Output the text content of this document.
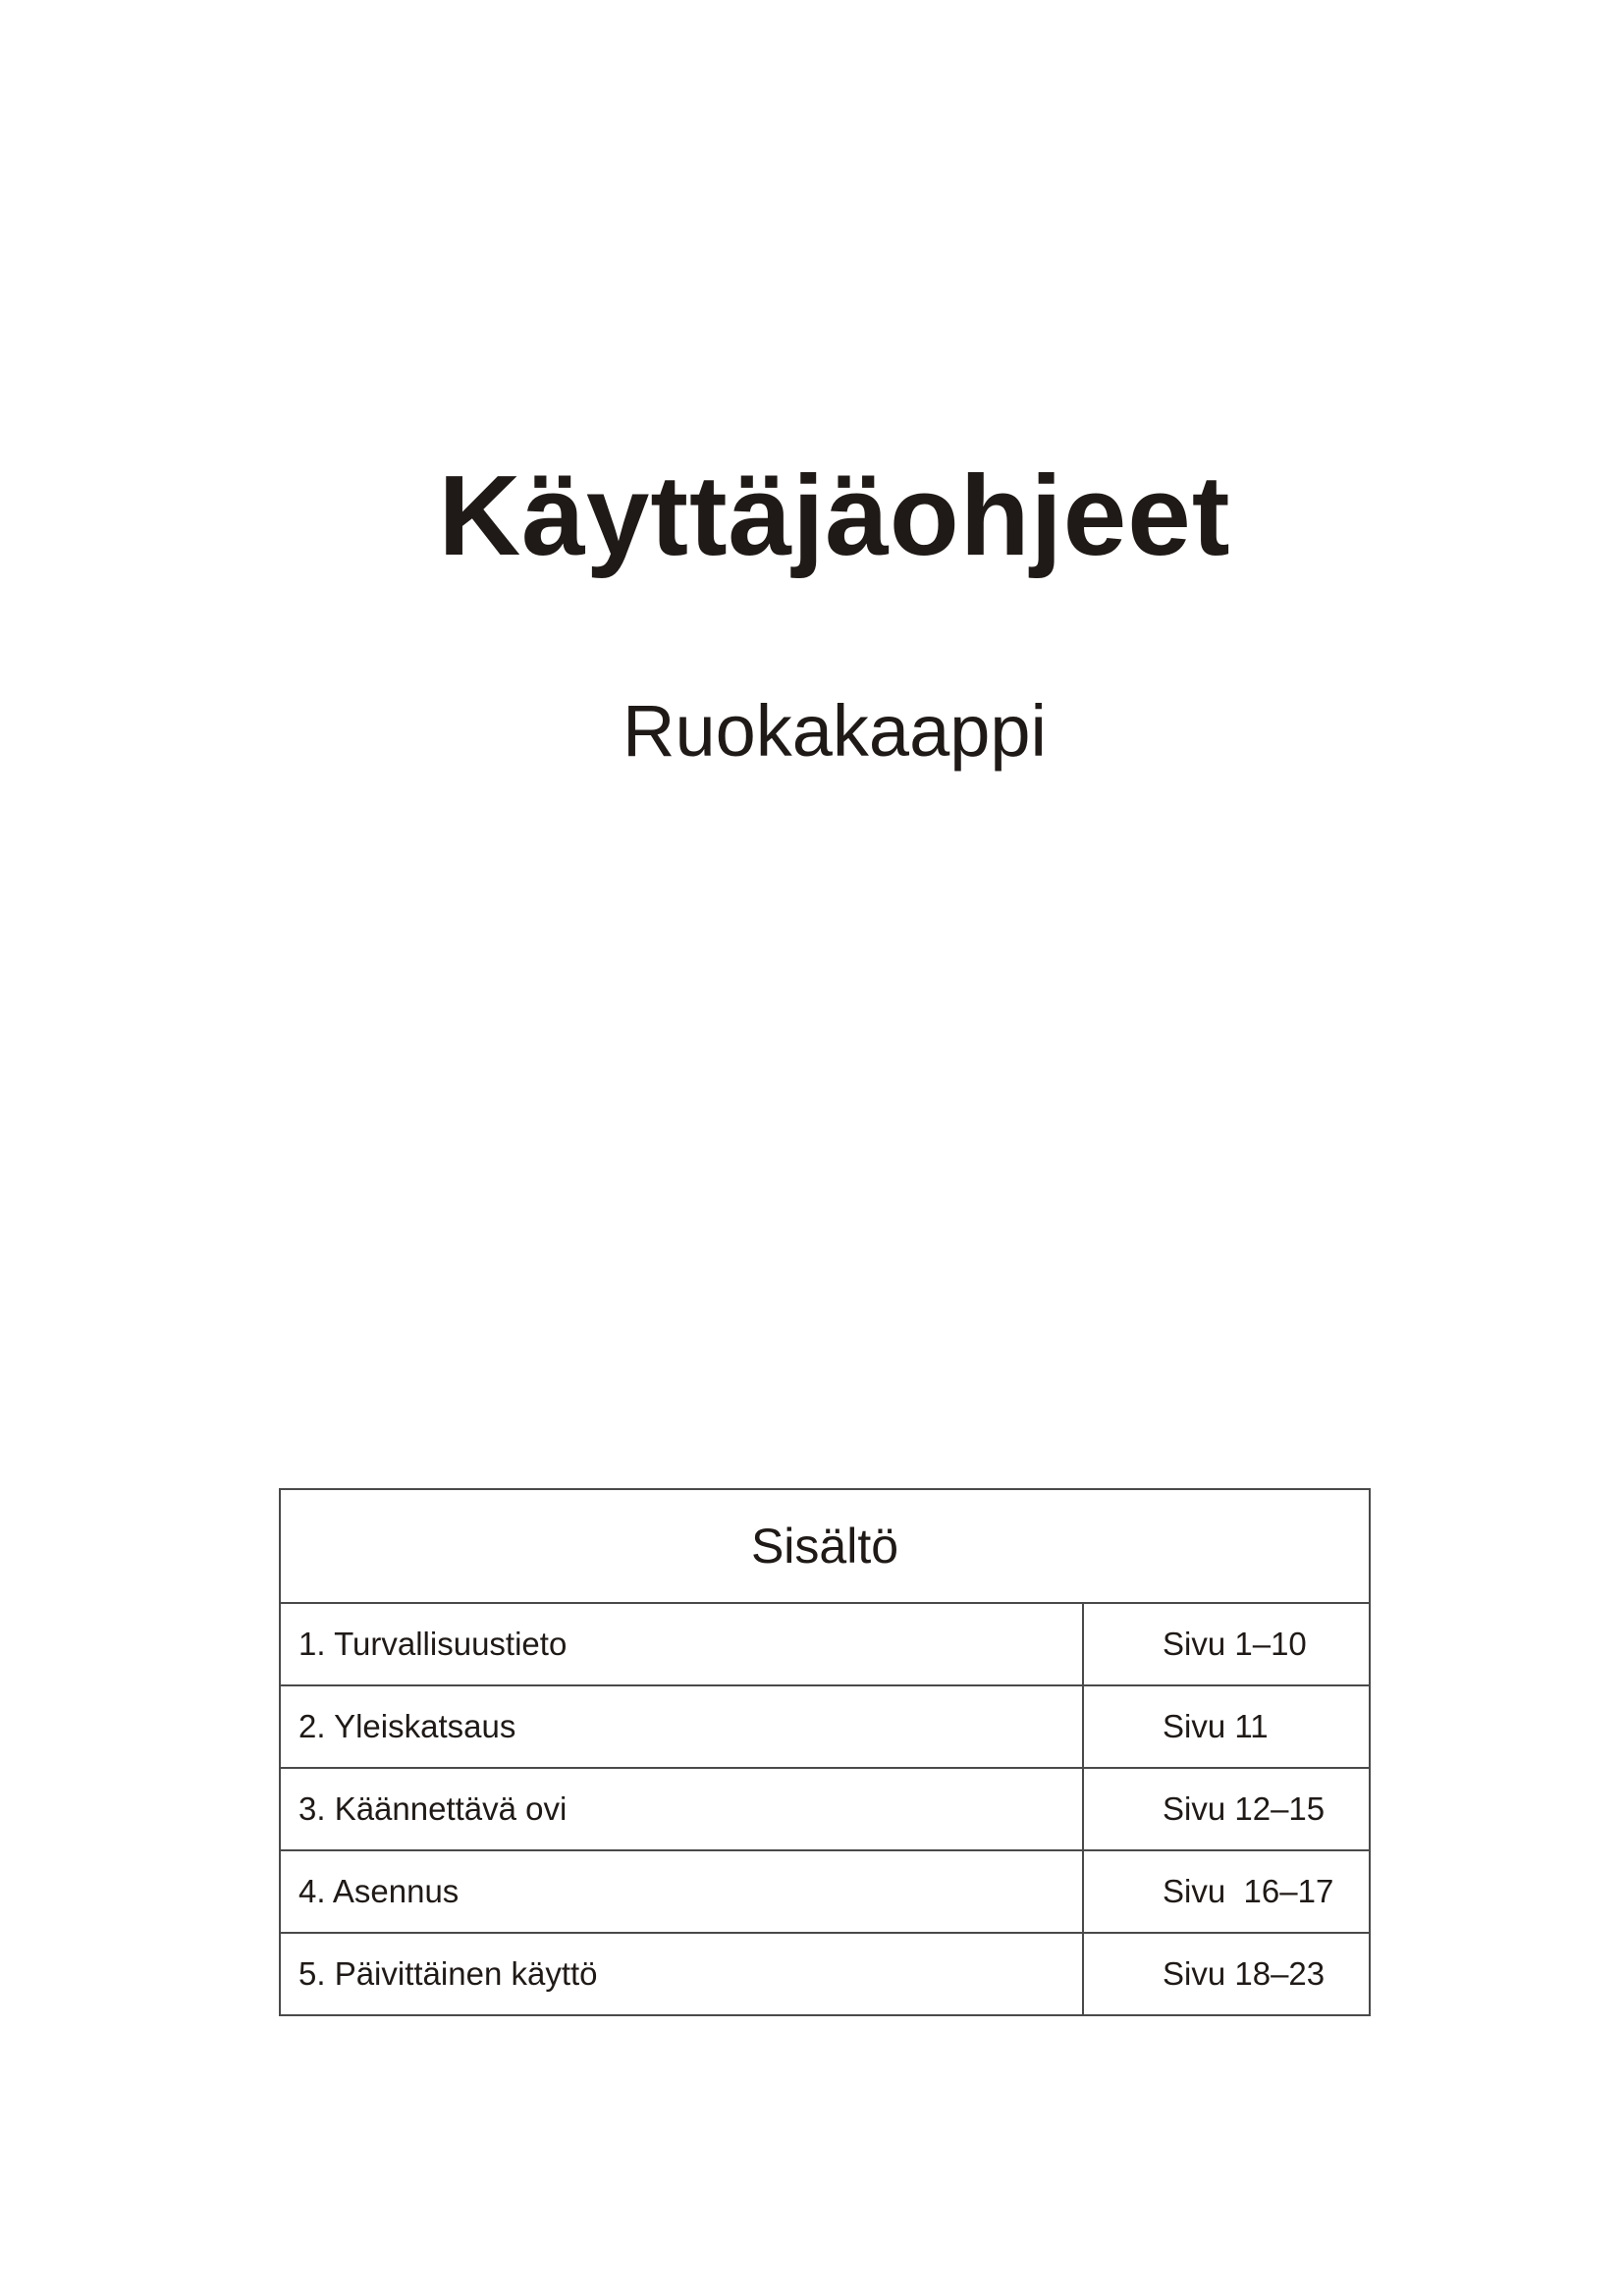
Käyttäjäohjeet
Ruokakaappi
Sisältö	
1. Turvallisuustieto	Sivu 1–10
2. Yleiskatsaus	Sivu 11
3. Käännettävä ovi	Sivu 12–15
4. Asennus	Sivu  16–17
5. Päivittäinen käyttö	Sivu 18–23
